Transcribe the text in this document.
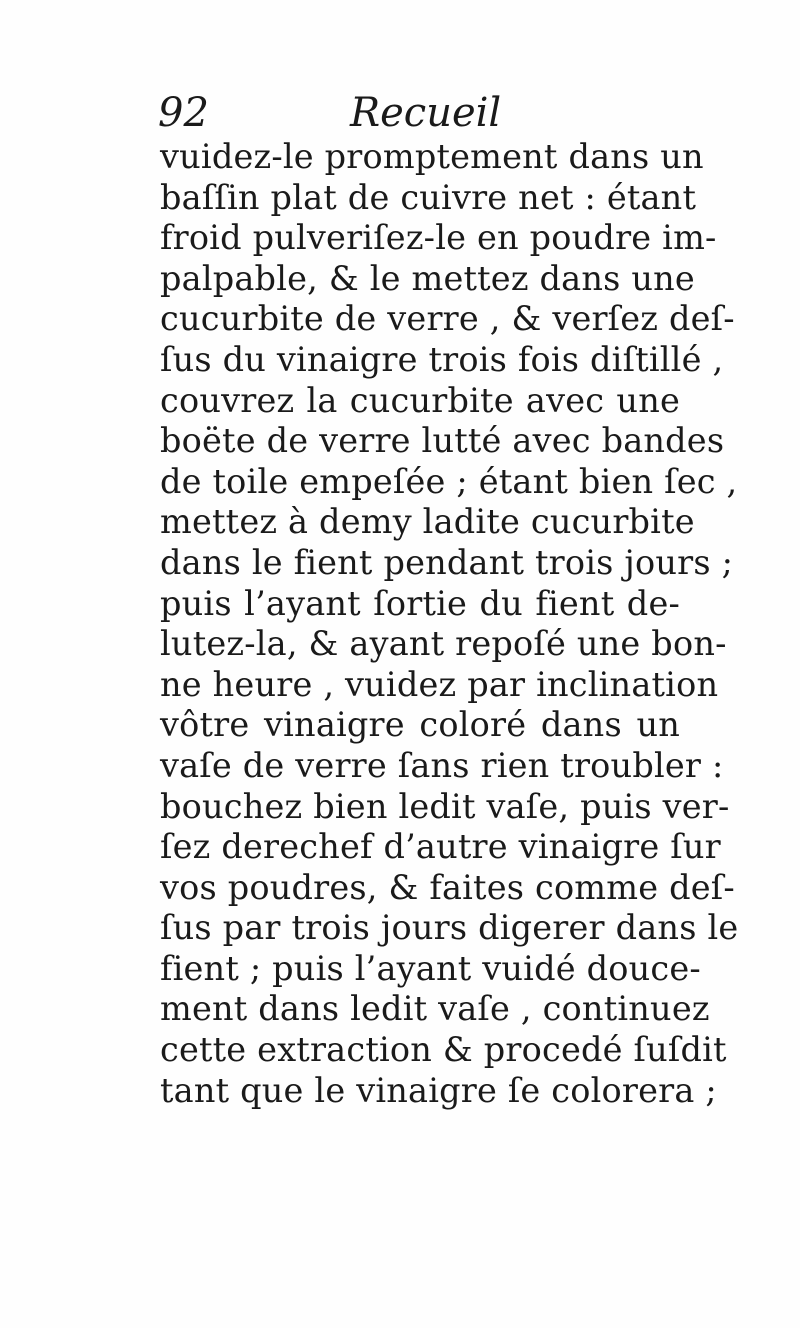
92	Recueil
vuidez-le promptement dans un
baſſin plat de cuivre net : étant
froid pulveriſez-le en poudre im-
palpable, & le mettez dans une
cucurbite de verre , & verſez deſ-
ſus du vinaigre trois fois diſtillé ,
couvrez la cucurbite avec une
boëte de verre lutté avec bandes
de toile empeſée ; étant bien ſec ,
mettez à demy ladite cucurbite
dans le fient pendant trois jours ;
puis l’ayant ſortie du fient de-
lutez-la, & ayant repoſé une bon-
ne heure , vuidez par inclination
vôtre vinaigre coloré dans un
vaſe de verre ſans rien troubler :
bouchez bien ledit vaſe, puis ver-
ſez derechef d’autre vinaigre ſur
vos poudres, & faites comme deſ-
ſus par trois jours digerer dans le
fient ; puis l’ayant vuidé douce-
ment dans ledit vaſe , continuez
cette extraction & procedé ſuſdit
tant que le vinaigre ſe colorera ;
